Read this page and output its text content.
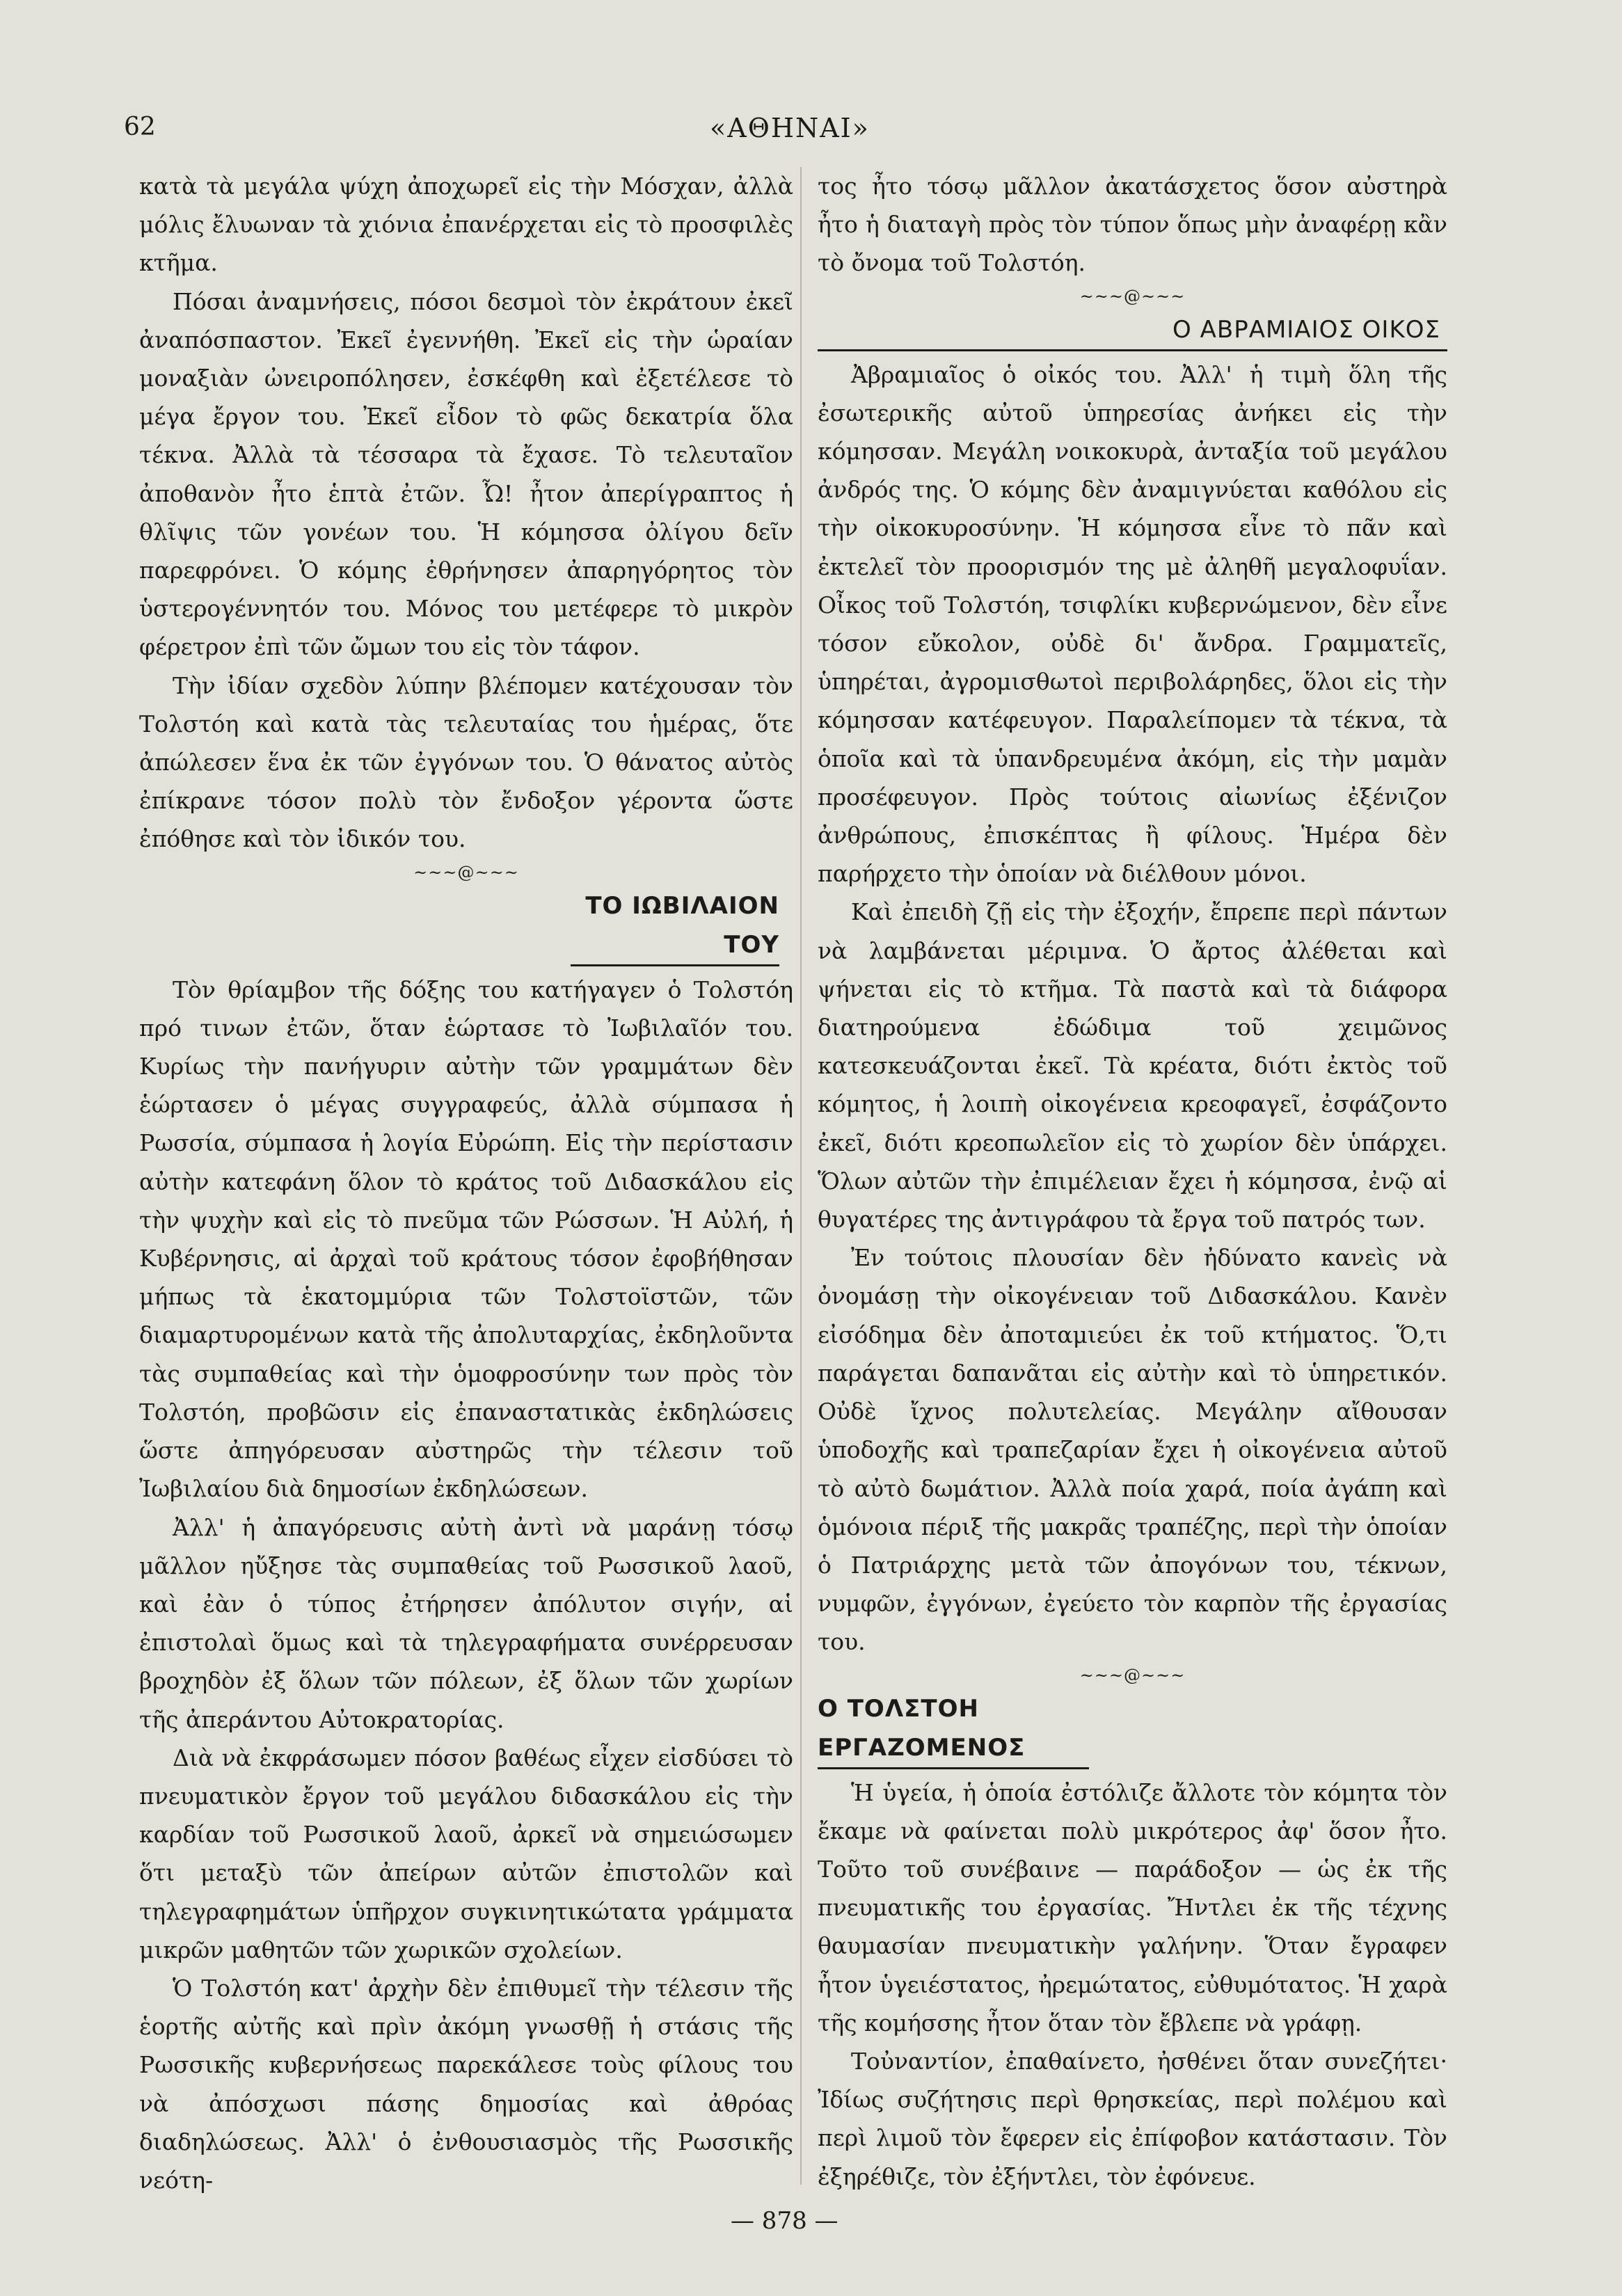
62	«ΑΘΗΝΑΙ»

κατὰ τὰ μεγάλα ψύχη ἀποχωρεῖ εἰς τὴν Μόσχαν, ἀλλὰ μόλις ἔλυωναν τὰ χιόνια ἐπανέρχεται εἰς τὸ προσφιλὲς κτῆμα.

Πόσαι ἀναμνήσεις, πόσοι δεσμοὶ τὸν ἐκράτουν ἐκεῖ ἀναπόσπαστον. Ἐκεῖ ἐγεννήθη. Ἐκεῖ εἰς τὴν ὡραίαν μοναξιὰν ὠνειροπόλησεν, ἐσκέφθη καὶ ἐξετέλεσε τὸ μέγα ἔργον του. Ἐκεῖ εἶδον τὸ φῶς δεκατρία ὅλα τέκνα. Ἀλλὰ τὰ τέσσαρα τὰ ἔχασε. Τὸ τελευταῖον ἀποθανὸν ἦτο ἑπτὰ ἐτῶν. Ὦ! ἦτον ἀπερίγραπτος ἡ θλῖψις τῶν γονέων του. Ἡ κόμησσα ὀλίγου δεῖν παρεφρόνει. Ὁ κόμης ἐθρήνησεν ἀπαρηγόρητος τὸν ὑστερογέννητόν του. Μόνος του μετέφερε τὸ μικρὸν φέρετρον ἐπὶ τῶν ὤμων του εἰς τὸν τάφον.

Τὴν ἰδίαν σχεδὸν λύπην βλέπομεν κατέχουσαν τὸν Τολστόη καὶ κατὰ τὰς τελευταίας του ἡμέρας, ὅτε ἀπώλεσεν ἕνα ἐκ τῶν ἐγγόνων του. Ὁ θάνατος αὐτὸς ἐπίκρανε τόσον πολὺ τὸν ἔνδοξον γέροντα ὥστε ἐπόθησε καὶ τὸν ἰδικόν του.

~~~@~~~
ΤΟ ΙΩΒΙΛΑΙΟΝ ΤΟΥ

Τὸν θρίαμβον τῆς δόξης του κατήγαγεν ὁ Τολστόη πρό τινων ἐτῶν, ὅταν ἑώρτασε τὸ Ἰωβιλαῖόν του. Κυρίως τὴν πανήγυριν αὐτὴν τῶν γραμμάτων δὲν ἑώρτασεν ὁ μέγας συγγραφεύς, ἀλλὰ σύμπασα ἡ Ρωσσία, σύμπασα ἡ λογία Εὐρώπη. Εἰς τὴν περίστασιν αὐτὴν κατεφάνη ὅλον τὸ κράτος τοῦ Διδασκάλου εἰς τὴν ψυχὴν καὶ εἰς τὸ πνεῦμα τῶν Ρώσσων. Ἡ Αὐλή, ἡ Κυβέρνησις, αἱ ἀρχαὶ τοῦ κράτους τόσον ἐφοβήθησαν μήπως τὰ ἑκατομμύρια τῶν Τολστοϊστῶν, τῶν διαμαρτυρομένων κατὰ τῆς ἀπολυταρχίας, ἐκδηλοῦντα τὰς συμπαθείας καὶ τὴν ὁμοφροσύνην των πρὸς τὸν Τολστόη, προβῶσιν εἰς ἐπαναστατικὰς ἐκδηλώσεις ὥστε ἀπηγόρευσαν αὐστηρῶς τὴν τέλεσιν τοῦ Ἰωβιλαίου διὰ δημοσίων ἐκδηλώσεων.

Ἀλλ' ἡ ἀπαγόρευσις αὐτὴ ἀντὶ νὰ μαράνῃ τόσῳ μᾶλλον ηὔξησε τὰς συμπαθείας τοῦ Ρωσσικοῦ λαοῦ, καὶ ἐὰν ὁ τύπος ἐτήρησεν ἀπόλυτον σιγήν, αἱ ἐπιστολαὶ ὅμως καὶ τὰ τηλεγραφήματα συνέρρευσαν βροχηδὸν ἐξ ὅλων τῶν πόλεων, ἐξ ὅλων τῶν χωρίων τῆς ἀπεράντου Αὐτοκρατορίας.

Διὰ νὰ ἐκφράσωμεν πόσον βαθέως εἶχεν εἰσδύσει τὸ πνευματικὸν ἔργον τοῦ μεγάλου διδασκάλου εἰς τὴν καρδίαν τοῦ Ρωσσικοῦ λαοῦ, ἀρκεῖ νὰ σημειώσωμεν ὅτι μεταξὺ τῶν ἀπείρων αὐτῶν ἐπιστολῶν καὶ τηλεγραφημάτων ὑπῆρχον συγκινητικώτατα γράμματα μικρῶν μαθητῶν τῶν χωρικῶν σχολείων.

Ὁ Τολστόη κατ' ἀρχὴν δὲν ἐπιθυμεῖ τὴν τέλεσιν τῆς ἑορτῆς αὐτῆς καὶ πρὶν ἀκόμη γνωσθῇ ἡ στάσις τῆς Ρωσσικῆς κυβερνήσεως παρεκάλεσε τοὺς φίλους του νὰ ἀπόσχωσι πάσης δημοσίας καὶ ἀθρόας διαδηλώσεως. Ἀλλ' ὁ ἐνθουσιασμὸς τῆς Ρωσσικῆς νεότη-

τος ἦτο τόσῳ μᾶλλον ἀκατάσχετος ὅσον αὐστηρὰ ἦτο ἡ διαταγὴ πρὸς τὸν τύπον ὅπως μὴν ἀναφέρῃ κἂν τὸ ὄνομα τοῦ Τολστόη.

~~~@~~~
Ο ΑΒΡΑΜΙΑΙΟΣ ΟΙΚΟΣ

Ἀβραμιαῖος ὁ οἰκός του. Ἀλλ' ἡ τιμὴ ὅλη τῆς ἐσωτερικῆς αὐτοῦ ὑπηρεσίας ἀνήκει εἰς τὴν κόμησσαν. Μεγάλη νοικοκυρὰ, ἀνταξία τοῦ μεγάλου ἀνδρός της. Ὁ κόμης δὲν ἀναμιγνύεται καθόλου εἰς τὴν οἰκοκυροσύνην. Ἡ κόμησσα εἶνε τὸ πᾶν καὶ ἐκτελεῖ τὸν προορισμόν της μὲ ἀληθῆ μεγαλοφυΐαν. Οἶκος τοῦ Τολστόη, τσιφλίκι κυβερνώμενον, δὲν εἶνε τόσον εὔκολον, οὐδὲ δι' ἄνδρα. Γραμματεῖς, ὑπηρέται, ἀγρομισθωτοὶ περιβολάρηδες, ὅλοι εἰς τὴν κόμησσαν κατέφευγον. Παραλείπομεν τὰ τέκνα, τὰ ὁποῖα καὶ τὰ ὑπανδρευμένα ἀκόμη, εἰς τὴν μαμὰν προσέφευγον. Πρὸς τούτοις αἰωνίως ἐξένιζον ἀνθρώπους, ἐπισκέπτας ἢ φίλους. Ἡμέρα δὲν παρήρχετο τὴν ὁποίαν νὰ διέλθουν μόνοι.

Καὶ ἐπειδὴ ζῇ εἰς τὴν ἐξοχήν, ἔπρεπε περὶ πάντων νὰ λαμβάνεται μέριμνα. Ὁ ἄρτος ἀλέθεται καὶ ψήνεται εἰς τὸ κτῆμα. Τὰ παστὰ καὶ τὰ διάφορα διατηρούμενα ἐδώδιμα τοῦ χειμῶνος κατεσκευάζονται ἐκεῖ. Τὰ κρέατα, διότι ἐκτὸς τοῦ κόμητος, ἡ λοιπὴ οἰκογένεια κρεοφαγεῖ, ἐσφάζοντο ἐκεῖ, διότι κρεοπωλεῖον εἰς τὸ χωρίον δὲν ὑπάρχει. Ὅλων αὐτῶν τὴν ἐπιμέλειαν ἔχει ἡ κόμησσα, ἐνῷ αἱ θυγατέρες της ἀντιγράφου τὰ ἔργα τοῦ πατρός των.

Ἐν τούτοις πλουσίαν δὲν ἠδύνατο κανεὶς νὰ ὀνομάσῃ τὴν οἰκογένειαν τοῦ Διδασκάλου. Κανὲν εἰσόδημα δὲν ἀποταμιεύει ἐκ τοῦ κτήματος. Ὅ,τι παράγεται δαπανᾶται εἰς αὐτὴν καὶ τὸ ὑπηρετικόν. Οὐδὲ ἴχνος πολυτελείας. Μεγάλην αἴθουσαν ὑποδοχῆς καὶ τραπεζαρίαν ἔχει ἡ οἰκογένεια αὐτοῦ τὸ αὐτὸ δωμάτιον. Ἀλλὰ ποία χαρά, ποία ἀγάπη καὶ ὁμόνοια πέριξ τῆς μακρᾶς τραπέζης, περὶ τὴν ὁποίαν ὁ Πατριάρχης μετὰ τῶν ἀπογόνων του, τέκνων, νυμφῶν, ἐγγόνων, ἐγεύετο τὸν καρπὸν τῆς ἐργασίας του.

~~~@~~~
Ο ΤΟΛΣΤΟΗ ΕΡΓΑΖΟΜΕΝΟΣ

Ἡ ὑγεία, ἡ ὁποία ἐστόλιζε ἄλλοτε τὸν κόμητα τὸν ἔκαμε νὰ φαίνεται πολὺ μικρότερος ἀφ' ὅσον ἦτο. Τοῦτο τοῦ συνέβαινε — παράδοξον — ὡς ἐκ τῆς πνευματικῆς του ἐργασίας. Ἤντλει ἐκ τῆς τέχνης θαυμασίαν πνευματικὴν γαλήνην. Ὅταν ἔγραφεν ἦτον ὑγειέστατος, ἠρεμώτατος, εὐθυμότατος. Ἡ χαρὰ τῆς κομήσσης ἦτον ὅταν τὸν ἔβλεπε νὰ γράφῃ.

Τοὐναντίον, ἐπαθαίνετο, ἠσθένει ὅταν συνεζήτει· Ἰδίως συζήτησις περὶ θρησκείας, περὶ πολέμου καὶ περὶ λιμοῦ τὸν ἔφερεν εἰς ἐπίφοβον κατάστασιν. Τὸν ἐξηρέθιζε, τὸν ἐξήντλει, τὸν ἐφόνευε.

— 878 —
